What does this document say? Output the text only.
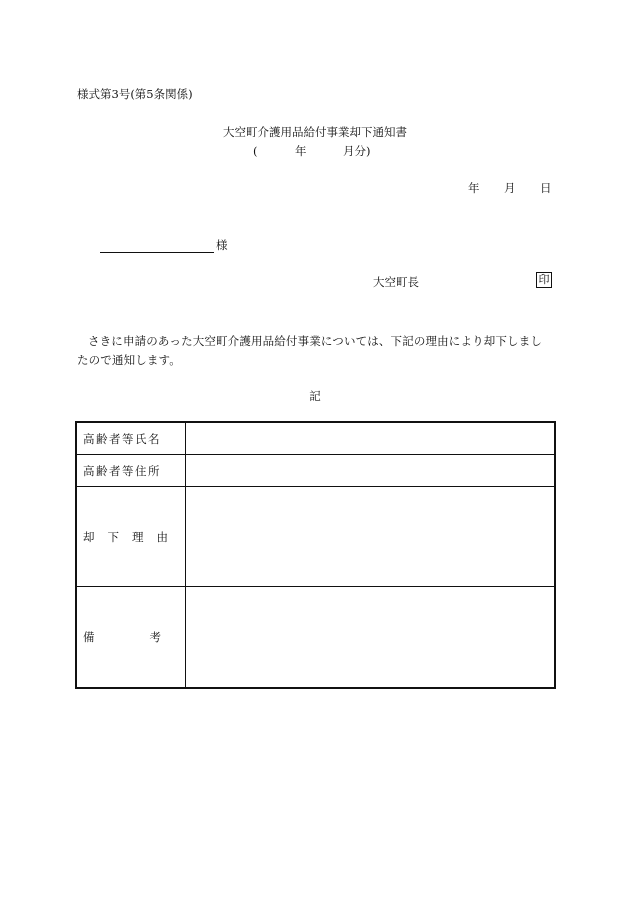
様式第3号(第5条関係)
大空町介護用品給付事業却下通知書
(	年	月分)
年 月 日
様
大空町長	印
さきに申請のあった大空町介護用品給付事業については、下記の理由により却下しましたので通知します。
記
高齢者等氏名	
高齢者等住所	
却下理由	

備 考	
